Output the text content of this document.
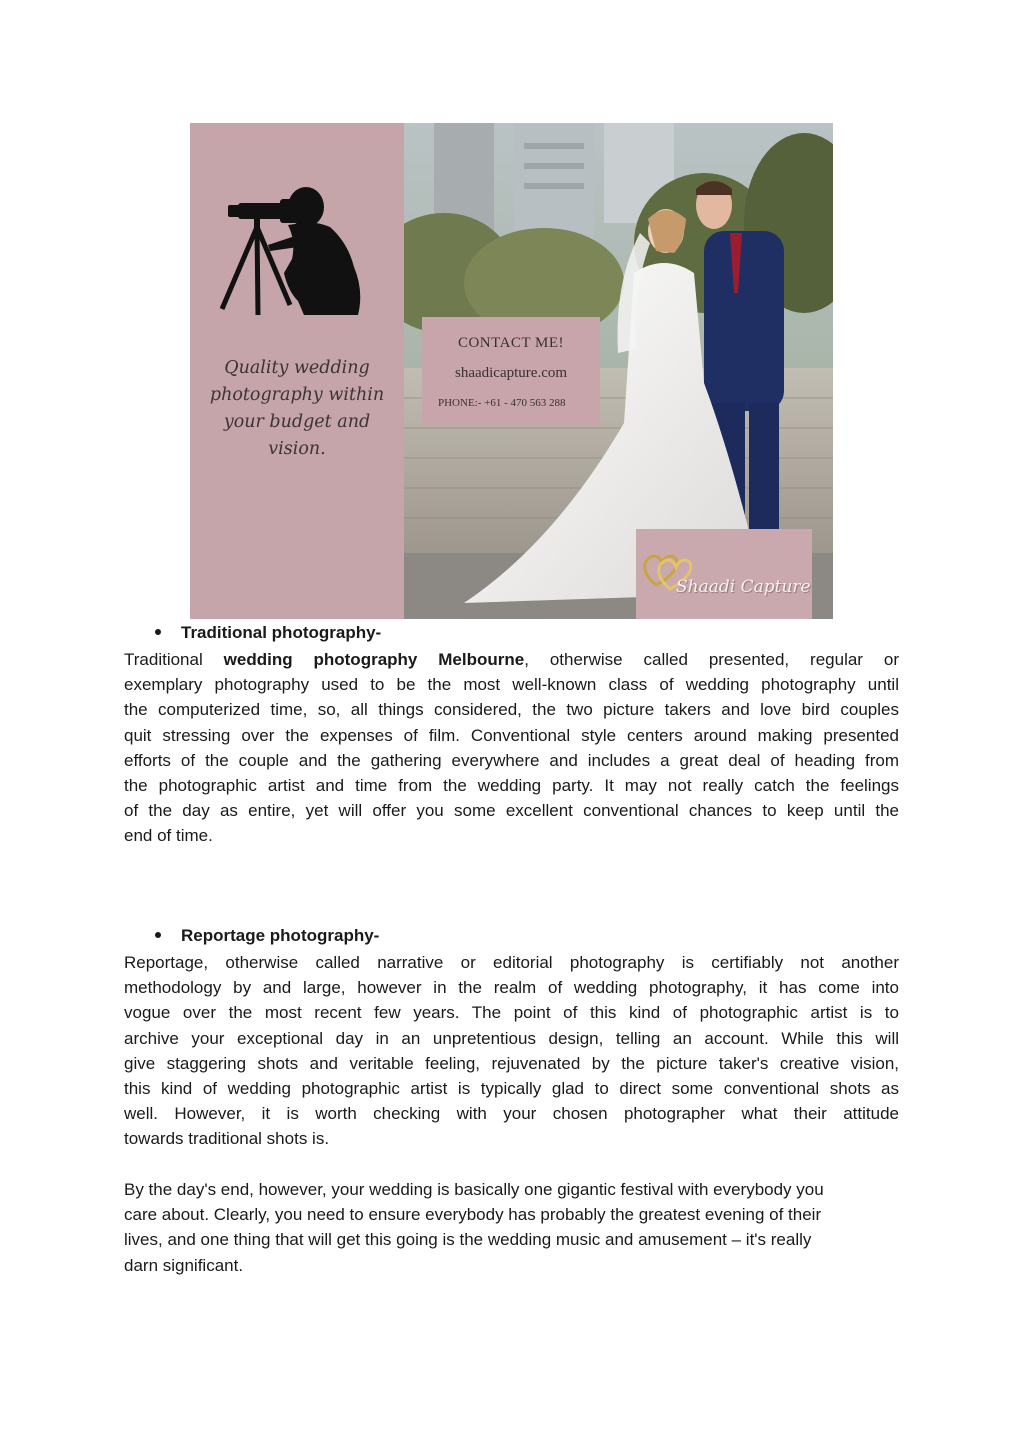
Quality wedding photography within your budget and vision.
CONTACT ME!
shaadicapture.com
PHONE:- +61 - 470 563 288
Shaadi Capture
Traditional photography-
Traditional wedding photography Melbourne, otherwise called presented, regular or
exemplary photography used to be the most well-known class of wedding photography until
the computerized time, so, all things considered, the two picture takers and love bird couples
quit stressing over the expenses of film. Conventional style centers around making presented
efforts of the couple and the gathering everywhere and includes a great deal of heading from
the photographic artist and time from the wedding party. It may not really catch the feelings
of the day as entire, yet will offer you some excellent conventional chances to keep until the
end of time.
Reportage photography-
Reportage, otherwise called narrative or editorial photography is certifiably not another
methodology by and large, however in the realm of wedding photography, it has come into
vogue over the most recent few years. The point of this kind of photographic artist is to
archive your exceptional day in an unpretentious design, telling an account. While this will
give staggering shots and veritable feeling, rejuvenated by the picture taker's creative vision,
this kind of wedding photographic artist is typically glad to direct some conventional shots as
well. However, it is worth checking with your chosen photographer what their attitude
towards traditional shots is.
By the day's end, however, your wedding is basically one gigantic festival with everybody you
care about. Clearly, you need to ensure everybody has probably the greatest evening of their
lives, and one thing that will get this going is the wedding music and amusement – it's really
darn significant.
